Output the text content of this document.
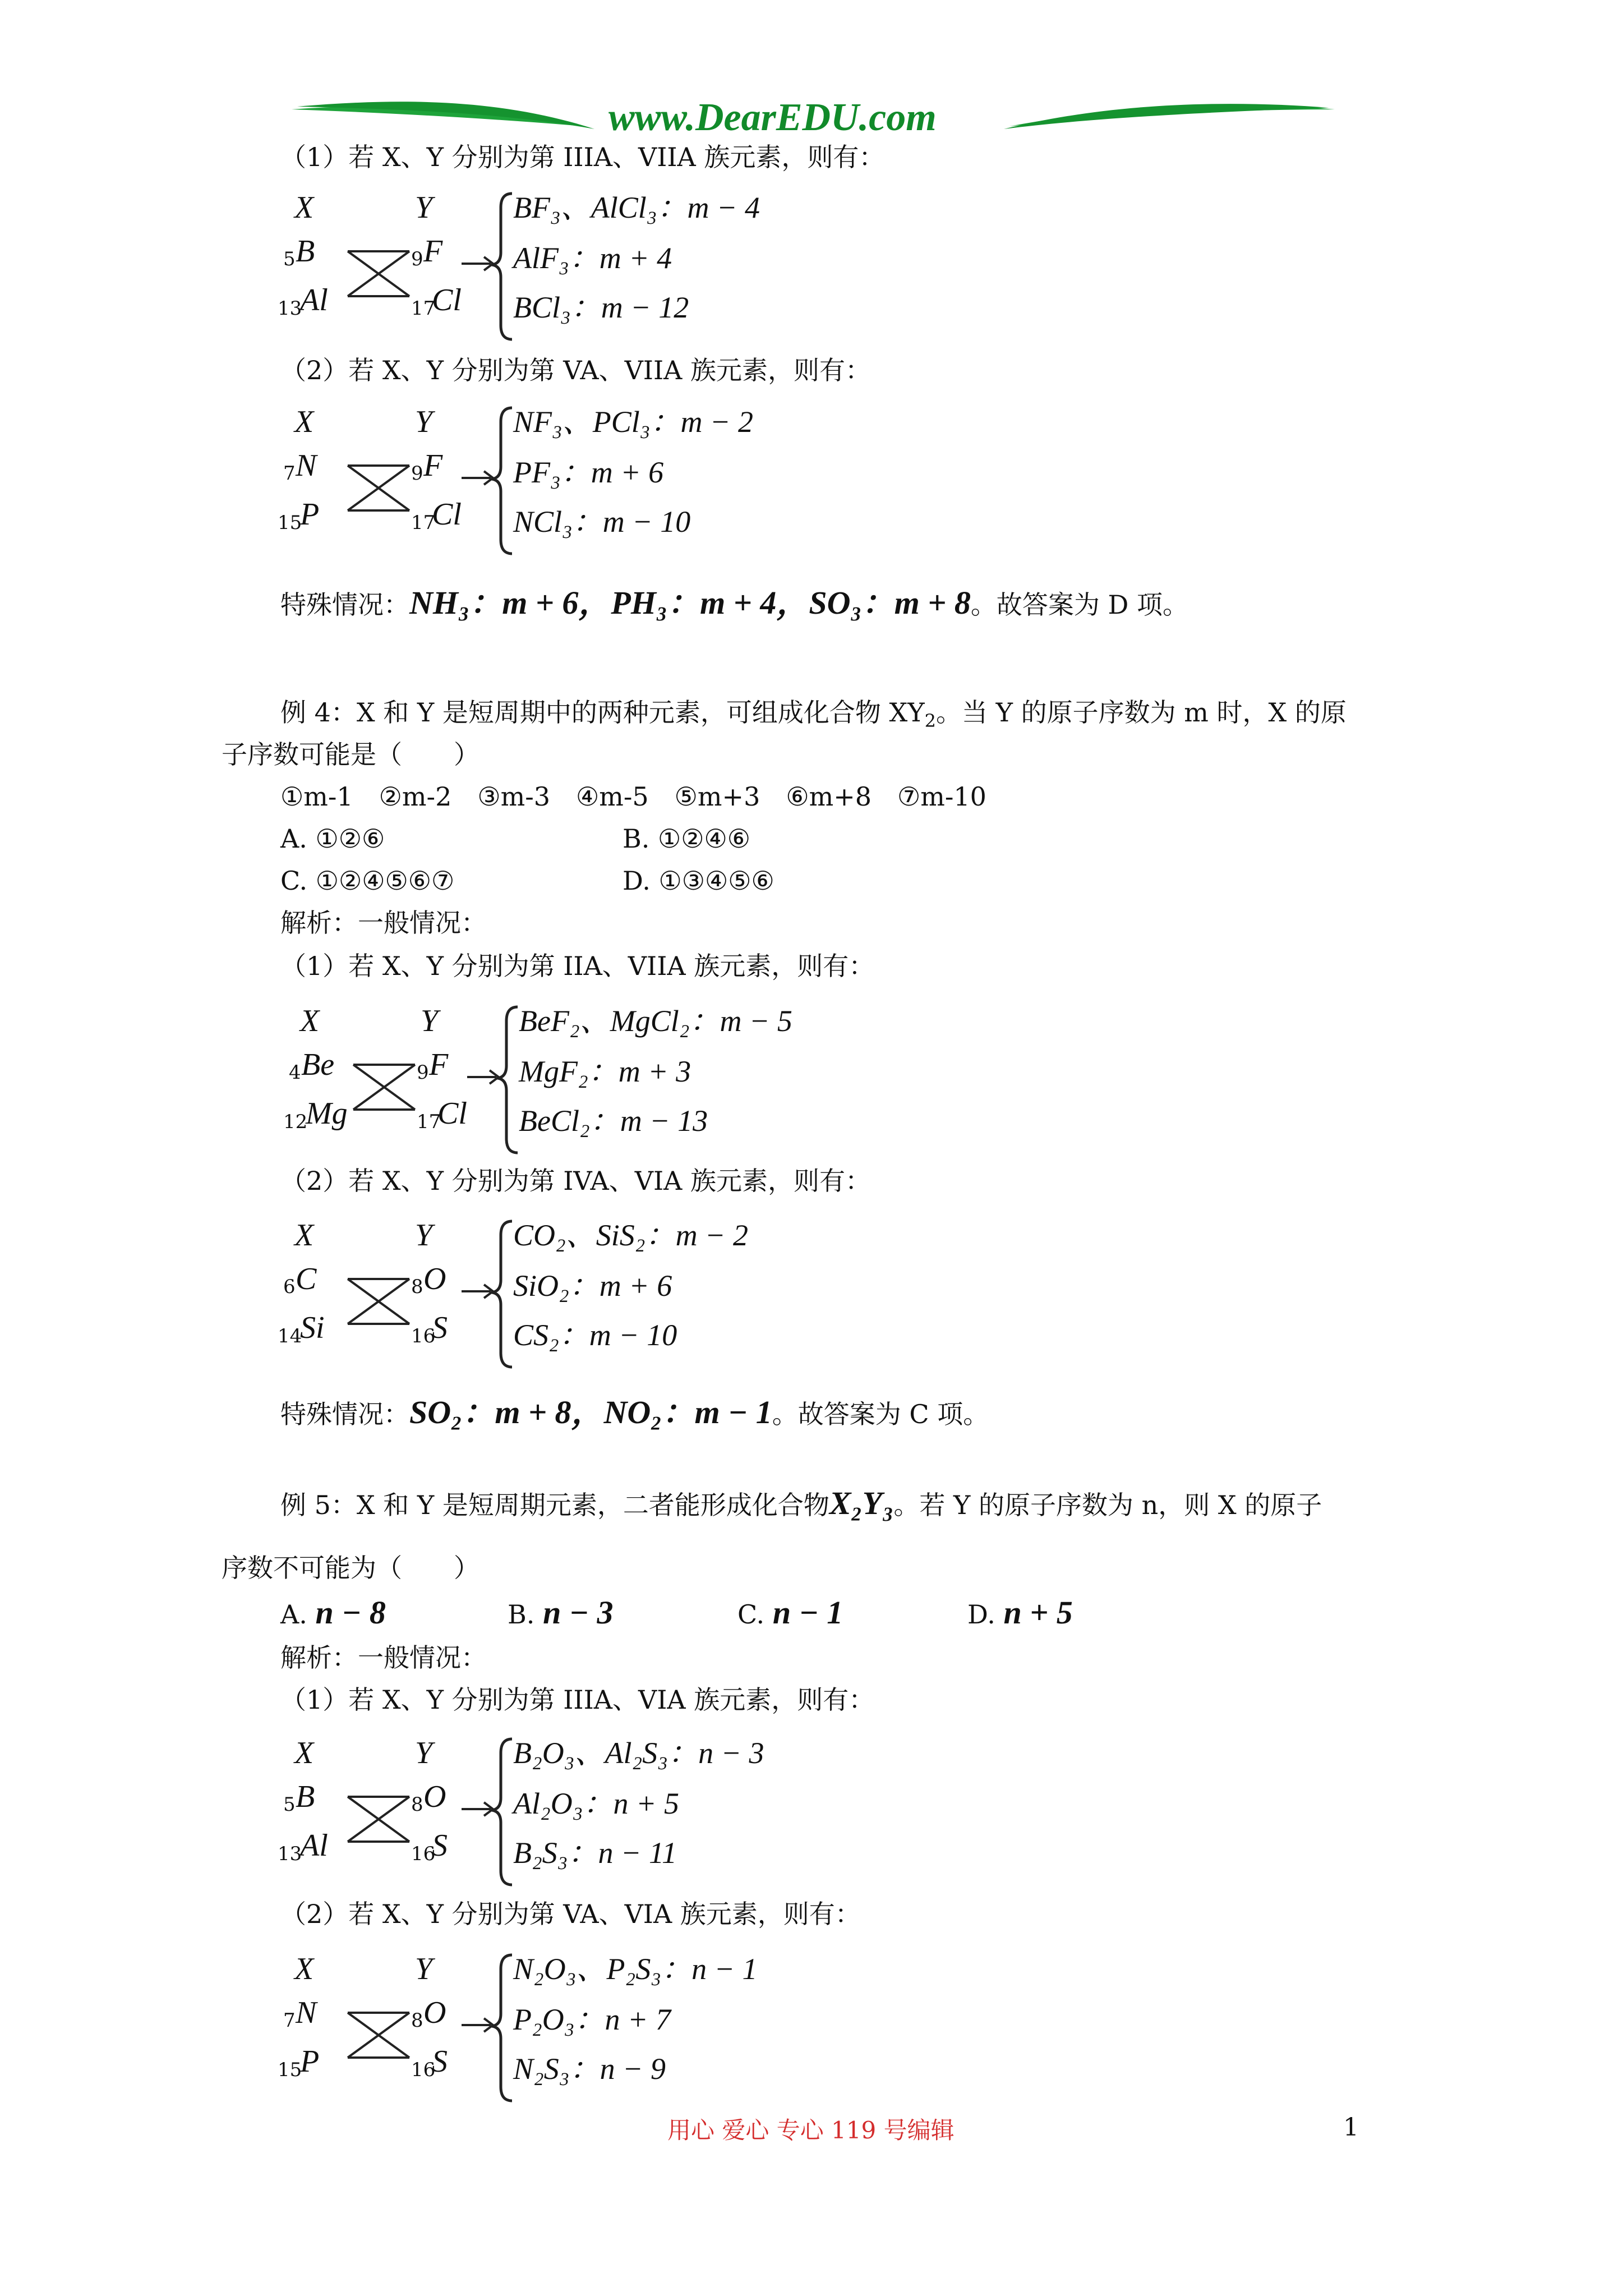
www.DearEDU.com
（1）若 X、Y 分别为第 IIIA、VIIA 族元素，则有：
X	Y
5 B
13
Al
9 F
17
Cl
BF₃、AlCl₃：m − 4
AlF₃：m + 4
BCl₃：m − 12
（2）若 X、Y 分别为第 VA、VIIA 族元素，则有：
X	Y
7 N
15
P
9 F
17
Cl
NF₃、PCl₃：m − 2
PF₃：m + 6
NCl₃：m − 10
特殊情况：NH₃：m + 6，PH₃：m + 4，SO₃：m + 8。故答案为 D 项。
例 4：X 和 Y 是短周期中的两种元素，可组成化合物 $XY_2$。当 Y 的原子序数为 m 时，X 的原
子序数可能是（　　）
①m-1　②m-2　③m-3　④m-5　⑤m+3　⑥m+8　⑦m-10
A. ①②⑥	B. ①②④⑥
C. ①②④⑤⑥⑦	D. ①③④⑤⑥
解析：一般情况：
（1）若 X、Y 分别为第 IIA、VIIA 族元素，则有：
X	Y
4 Be
12
Mg
9 F
17
Cl
BeF₂、MgCl₂：m − 5
MgF₂：m + 3
BeCl₂：m − 13
（2）若 X、Y 分别为第 IVA、VIA 族元素，则有：
X	Y
6 C
14
Si
8 O
16
S
CO₂、SiS₂：m − 2
SiO₂：m + 6
CS₂：m − 10
特殊情况：SO₂：m + 8，NO₂：m − 1。故答案为 C 项。
例 5：X 和 Y 是短周期元素，二者能形成化合物X₂Y₃。若 Y 的原子序数为 n，则 X 的原子
序数不可能为（　　）
A. n − 8	B. n − 3	C. n − 1	D. n + 5
解析：一般情况：
（1）若 X、Y 分别为第 IIIA、VIA 族元素，则有：
X	Y
5 B
13
Al
8 O
16
S
B₂O₃、Al₂S₃：n − 3
Al₂O₃：n + 5
B₂S₃：n − 11
（2）若 X、Y 分别为第 VA、VIA 族元素，则有：
X	Y
7 N
15
P
8 O
16
S
N₂O₃、P₂S₃：n − 1
P₂O₃：n + 7
N₂S₃：n − 9
用心 爱心 专心 119 号编辑	1
